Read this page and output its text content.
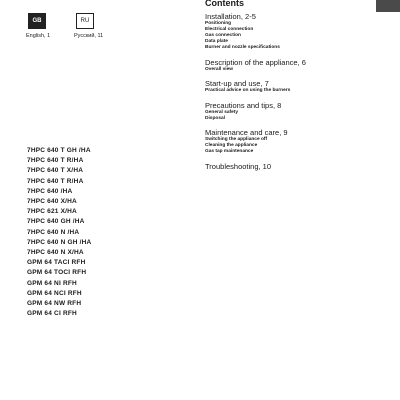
GB
English, 1
RU
Русский, 11
Contents
Installation, 2-5
Positioning
Electrical connection
Gas connection
Data plate
Burner and nozzle specifications
Description of the appliance, 6
Overall view
Start-up and use, 7
Practical advice on using the burners
Precautions and tips, 8
General safety
Disposal
Maintenance and care, 9
Switching the appliance off
Cleaning the appliance
Gas tap maintenance
Troubleshooting, 10
7HPC 640 T GH /HA
7HPC 640 T R/HA
7HPC 640 T X/HA
7HPC 640 T R/HA
7HPC 640 /HA
7HPC 640 X/HA
7HPC 621 X/HA
7HPC 640 GH /HA
7HPC 640 N /HA
7HPC 640 N GH /HA
7HPC 640 N X/HA
GPM 64 TACI RFH
GPM 64 TOCI RFH
GPM 64 NI RFH
GPM 64 NCI RFH
GPM 64 NW RFH
GPM 64 CI RFH
